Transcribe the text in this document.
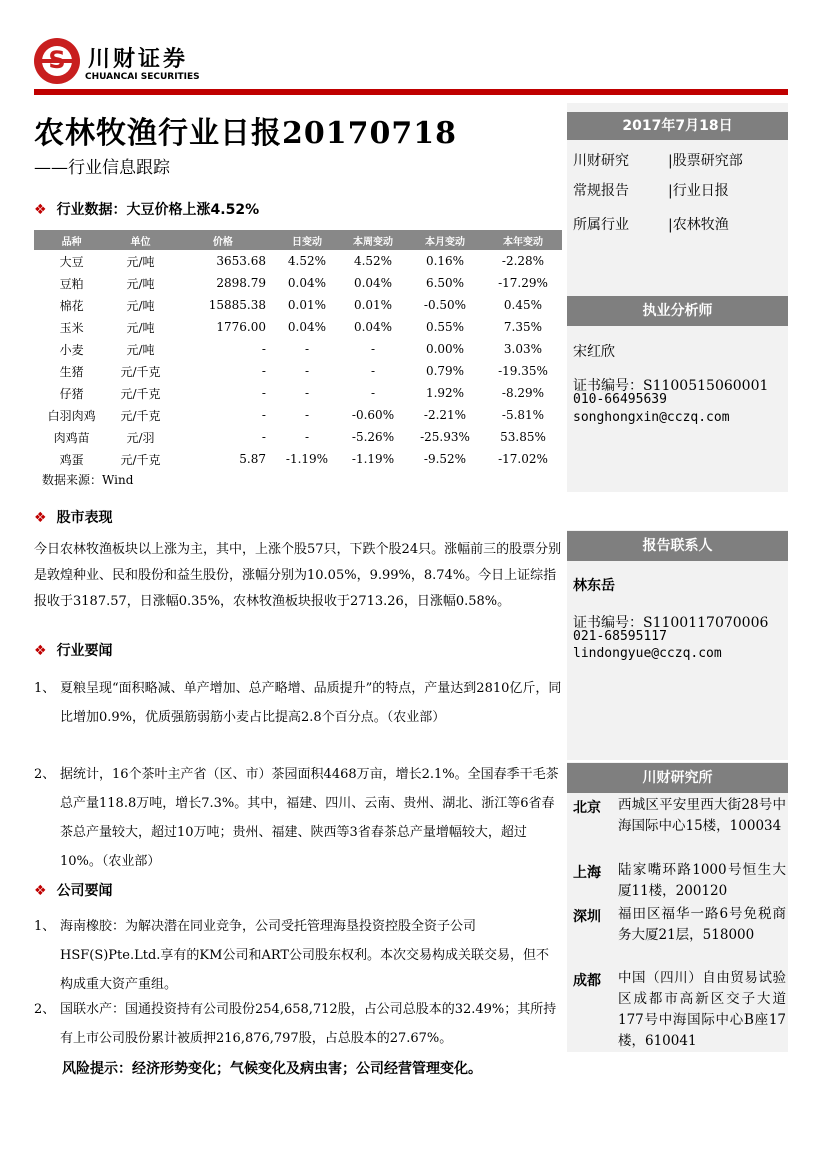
川财证券
CHUANCAI SECURITIES
农林牧渔行业日报20170718
——行业信息跟踪
❖ 行业数据：大豆价格上涨4.52%
品种	单位	价格	日变动	本周变动	本月变动	本年变动
大豆	元/吨	3653.68	4.52%	4.52%	0.16%	-2.28%
豆粕	元/吨	2898.79	0.04%	0.04%	6.50%	-17.29%
棉花	元/吨	15885.38	0.01%	0.01%	-0.50%	0.45%
玉米	元/吨	1776.00	0.04%	0.04%	0.55%	7.35%
小麦	元/吨	-	-	-	0.00%	3.03%
生猪	元/千克	-	-	-	0.79%	-19.35%
仔猪	元/千克	-	-	-	1.92%	-8.29%
白羽肉鸡	元/千克	-	-	-0.60%	-2.21%	-5.81%
肉鸡苗	元/羽	-	-	-5.26%	-25.93%	53.85%
鸡蛋	元/千克	5.87	-1.19%	-1.19%	-9.52%	-17.02%
数据来源：Wind
❖ 股市表现
今日农林牧渔板块以上涨为主，其中，上涨个股57只，下跌个股24只。涨幅前三的股票分别是敦煌种业、民和股份和益生股份，涨幅分别为10.05%，9.99%，8.74%。今日上证综指报收于3187.57，日涨幅0.35%，农林牧渔板块报收于2713.26，日涨幅0.58%。
❖ 行业要闻
1、 夏粮呈现“面积略减、单产增加、总产略增、品质提升”的特点，产量达到2810亿斤，同比增加0.9%，优质强筋弱筋小麦占比提高2.8个百分点。（农业部）
2、 据统计，16个茶叶主产省（区、市）茶园面积4468万亩，增长2.1%。全国春季干毛茶总产量118.8万吨，增长7.3%。其中，福建、四川、云南、贵州、湖北、浙江等6省春茶总产量较大，超过10万吨；贵州、福建、陕西等3省春茶总产量增幅较大，超过10%。（农业部）
❖ 公司要闻
1、 海南橡胶：为解决潜在同业竞争，公司受托管理海垦投资控股全资子公司HSF(S)Pte.Ltd.享有的KM公司和ART公司股东权利。本次交易构成关联交易，但不构成重大资产重组。
2、 国联水产：国通投资持有公司股份254,658,712股，占公司总股本的32.49%；其所持有上市公司股份累计被质押216,876,797股，占总股本的27.67%。
风险提示：经济形势变化；气候变化及病虫害；公司经营管理变化。
2017年7月18日
川财研究	|股票研究部
常规报告	|行业日报
所属行业	|农林牧渔
执业分析师
宋红欣
证书编号：S1100515060001
010-66495639
songhongxin@cczq.com
报告联系人
林东岳
证书编号：S1100117070006
021-68595117
lindongyue@cczq.com
川财研究所
北京 西城区平安里西大街28号中海国际中心15楼，100034
上海 陆家嘴环路1000号恒生大厦11楼，200120
深圳 福田区福华一路6号免税商务大厦21层，518000
成都 中国（四川）自由贸易试验区成都市高新区交子大道177号中海国际中心B座17楼，610041
